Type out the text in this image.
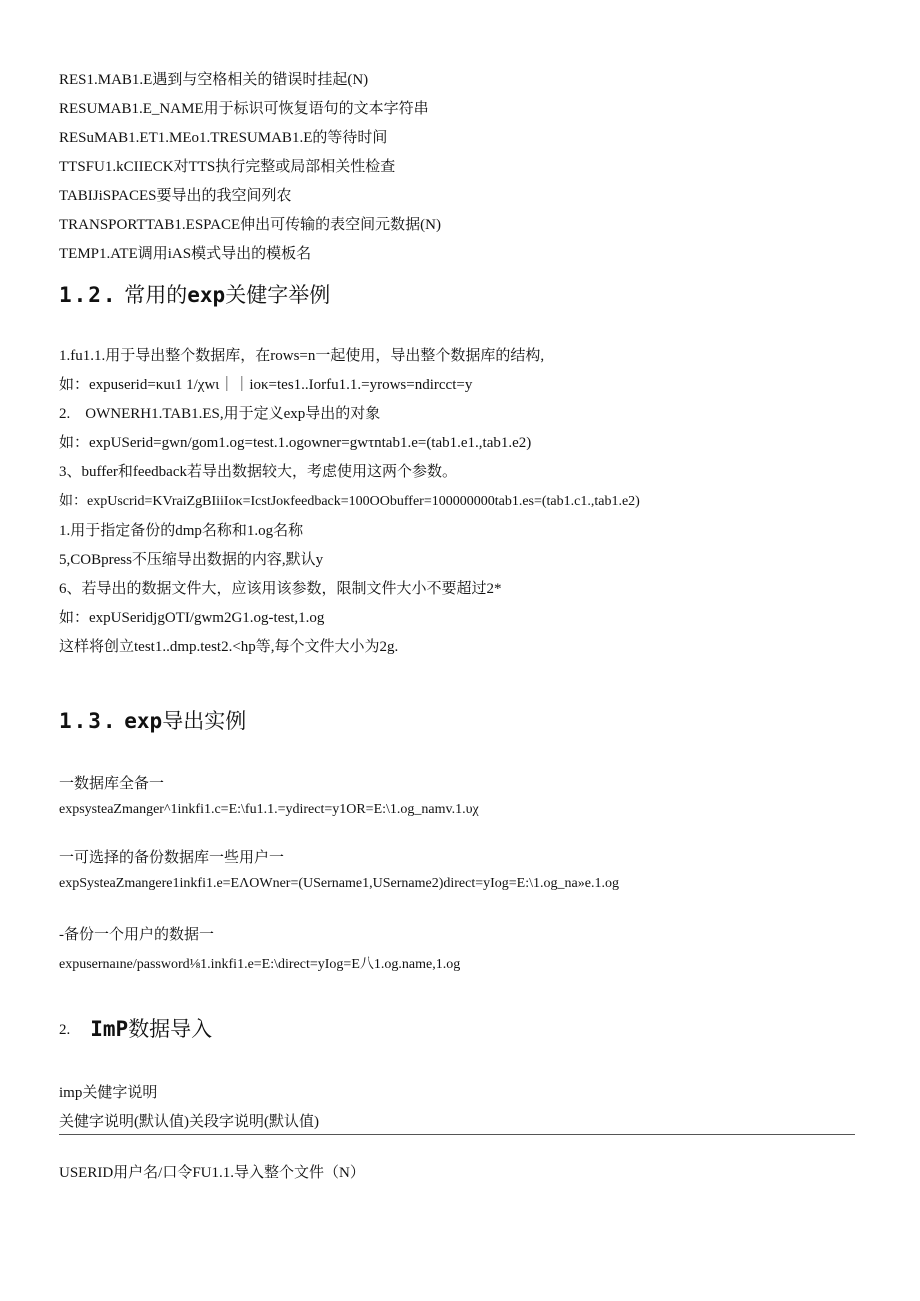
RES1.MAB1.E遇到与空格相关的错误时挂起(N)
RESUMAB1.E_NAME用于标识可恢复语句的文本字符串
RESuMAB1.ET1.MEo1.TRESUMAB1.E的等待时间
TTSFU1.kCIIECK对TTS执行完整或局部相关性检查
TABIJiSPACES要导出的我空间列农
TRANSPORTTAB1.ESPACE伸出可传输的表空间元数据(N)
TEMP1.ATE调用iAS模式导出的模板名
1.2. 常用的exp关健字举例
1.fu1.1.用于导出整个数据库，在rows=n一起使用，导出整个数据库的结构,
如：expuserid=κuι1 1/χwι｜｜ioκ=tes1..Iorfu1.1.=yrows=ndircct=y
2.    OWNERH1.TAB1.ES,用于定义exp导出的对象
如：expUSerid=gwn/gom1.og=test.1.ogowner=gwτntab1.e=(tab1.e1.,tab1.e2)
3、buffer和feedback若导出数据较大，考虑使用这两个参数。
如：expUscrid=KVraiZgBIiiIoκ=IcstJoκfeedback=100OObuffer=100000000tab1.es=(tab1.c1.,tab1.e2)
1.用于指定备份的dmp名称和1.og名称
5,COBpress不压缩导出数据的内容,默认y
6、若导出的数据文件大，应该用该参数，限制文件大小不要超过2*
如：expUSeridjgOTI/gwm2G1.og-test,1.og
这样将创立test1..dmp.test2.<hp等,每个文件大小为2g.
1.3. exp导出实例
一数据库全备一
expsysteaZmanger^1inkfi1.c=E:\fu1.1.=ydirect=y1OR=E:\1.og_namv.1.υχ
一可选择的备份数据库一些用户一
expSysteaZmangere1inkfi1.e=EΛOWner=(USername1,USername2)direct=yIog=E:\1.og_na»e.1.og
-备份一个用户的数据一
expusernaıne/password⅛1.inkfi1.e=E:\direct=yIog=E八1.og.name,1.og
2. ImP数据导入
imp关健字说明
关健字说明(默认值)关段字说明(默认值)
USERID用户名/口令FU1.1.导入整个文件（N）
